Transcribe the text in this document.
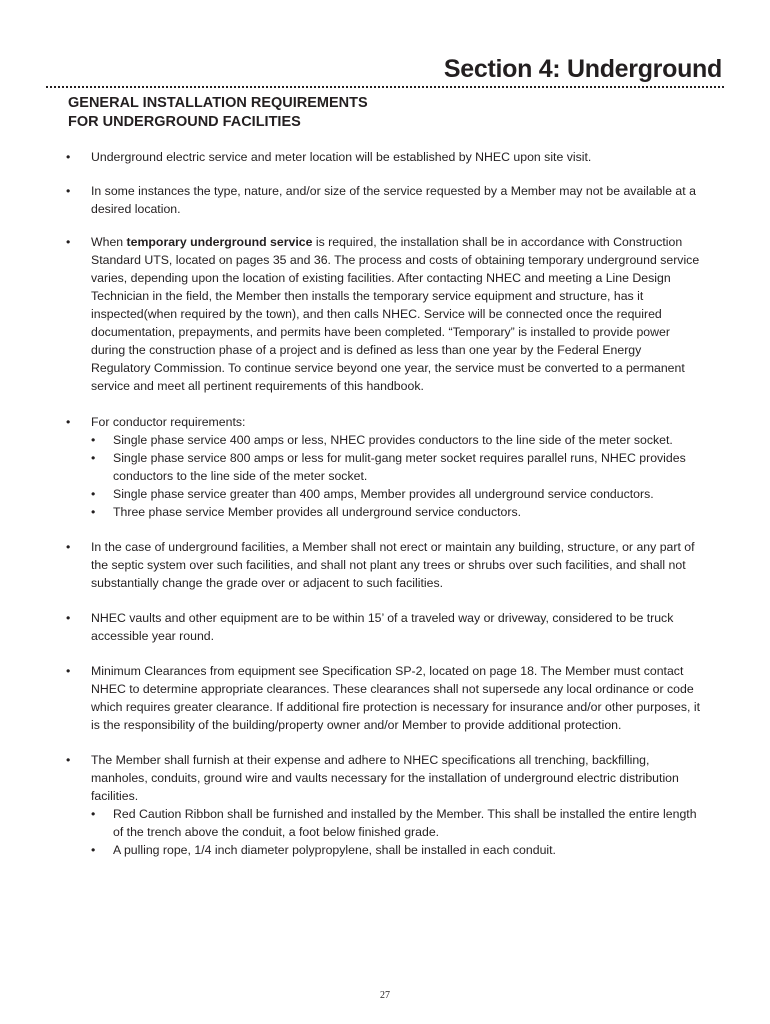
Section 4: Underground
GENERAL INSTALLATION REQUIREMENTS
FOR UNDERGROUND FACILITIES
• Underground electric service and meter location will be established by NHEC upon site visit.
• In some instances the type, nature, and/or size of the service requested by a Member may not be available at a desired location.
• When temporary underground service is required, the installation shall be in accordance with Construction Standard UTS, located on pages 35 and 36. The process and costs of obtaining temporary underground service varies, depending upon the location of existing facilities. After contacting NHEC and meeting a Line Design Technician in the field, the Member then installs the temporary service equipment and structure, has it inspected(when required by the town), and then calls NHEC. Service will be connected once the required documentation, prepayments, and permits have been completed. “Temporary” is installed to provide power during the construction phase of a project and is defined as less than one year by the Federal Energy Regulatory Commission. To continue service beyond one year, the service must be converted to a permanent service and meet all pertinent requirements of this handbook.
• For conductor requirements:
• Single phase service 400 amps or less, NHEC provides conductors to the line side of the meter socket.
• Single phase service 800 amps or less for mulit-gang meter socket requires parallel runs, NHEC provides conductors to the line side of the meter socket.
• Single phase service greater than 400 amps, Member provides all underground service conductors.
• Three phase service Member provides all underground service conductors.
• In the case of underground facilities, a Member shall not erect or maintain any building, structure, or any part of the septic system over such facilities, and shall not plant any trees or shrubs over such facilities, and shall not substantially change the grade over or adjacent to such facilities.
• NHEC vaults and other equipment are to be within 15’ of a traveled way or driveway, considered to be truck accessible year round.
• Minimum Clearances from equipment see Specification SP-2, located on page 18. The Member must contact NHEC to determine appropriate clearances. These clearances shall not supersede any local ordinance or code which requires greater clearance. If additional fire protection is necessary for insurance and/or other purposes, it is the responsibility of the building/property owner and/or Member to provide additional protection.
• The Member shall furnish at their expense and adhere to NHEC specifications all trenching, backfilling, manholes, conduits, ground wire and vaults necessary for the installation of underground electric distribution facilities.
• Red Caution Ribbon shall be furnished and installed by the Member. This shall be installed the entire length of the trench above the conduit, a foot below finished grade.
• A pulling rope, 1/4 inch diameter polypropylene, shall be installed in each conduit.
27
